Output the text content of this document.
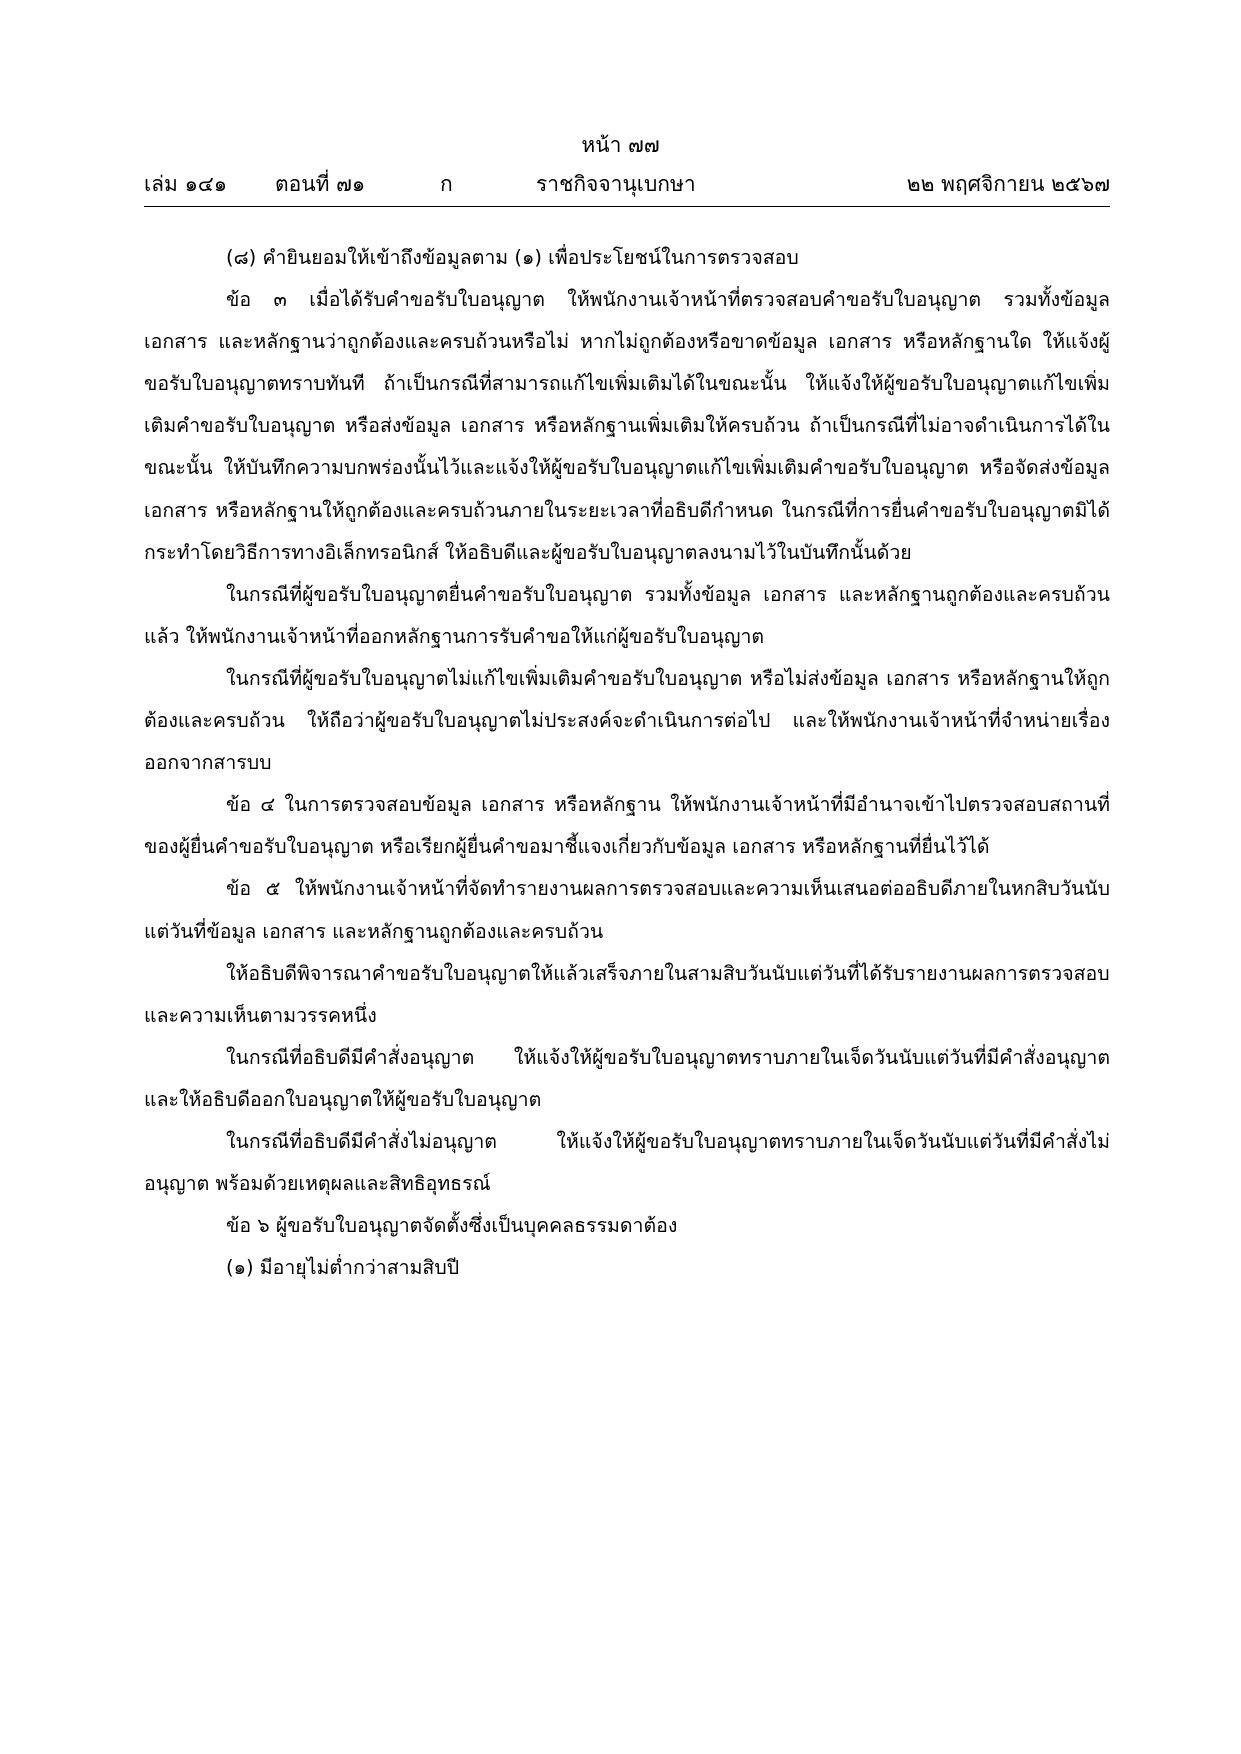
หน้า ๗๗
เล่ม ๑๔๑ ตอนที่ ๗๑	ก	ราชกิจจานุเบกษา	๒๒ พฤศจิกายน ๒๕๖๗

(๘) คำยินยอมให้เข้าถึงข้อมูลตาม (๑) เพื่อประโยชน์ในการตรวจสอบ

ข้อ ๓ เมื่อได้รับคำขอรับใบอนุญาต ให้พนักงานเจ้าหน้าที่ตรวจสอบคำขอรับใบอนุญาต รวมทั้งข้อมูล เอกสาร และหลักฐานว่าถูกต้องและครบถ้วนหรือไม่ หากไม่ถูกต้องหรือขาดข้อมูล เอกสาร หรือหลักฐานใด ให้แจ้งผู้ขอรับใบอนุญาตทราบทันที ถ้าเป็นกรณีที่สามารถแก้ไขเพิ่มเติมได้ในขณะนั้น ให้แจ้งให้ผู้ขอรับใบอนุญาตแก้ไขเพิ่มเติมคำขอรับใบอนุญาต หรือส่งข้อมูล เอกสาร หรือหลักฐานเพิ่มเติมให้ครบถ้วน ถ้าเป็นกรณีที่ไม่อาจดำเนินการได้ในขณะนั้น ให้บันทึกความบกพร่องนั้นไว้และแจ้งให้ผู้ขอรับใบอนุญาตแก้ไขเพิ่มเติมคำขอรับใบอนุญาต หรือจัดส่งข้อมูล เอกสาร หรือหลักฐานให้ถูกต้องและครบถ้วนภายในระยะเวลาที่อธิบดีกำหนด ในกรณีที่การยื่นคำขอรับใบอนุญาตมิได้กระทำโดยวิธีการทางอิเล็กทรอนิกส์ ให้อธิบดีและผู้ขอรับใบอนุญาตลงนามไว้ในบันทึกนั้นด้วย

ในกรณีที่ผู้ขอรับใบอนุญาตยื่นคำขอรับใบอนุญาต รวมทั้งข้อมูล เอกสาร และหลักฐานถูกต้องและครบถ้วนแล้ว ให้พนักงานเจ้าหน้าที่ออกหลักฐานการรับคำขอให้แก่ผู้ขอรับใบอนุญาต

ในกรณีที่ผู้ขอรับใบอนุญาตไม่แก้ไขเพิ่มเติมคำขอรับใบอนุญาต หรือไม่ส่งข้อมูล เอกสาร หรือหลักฐานให้ถูกต้องและครบถ้วน ให้ถือว่าผู้ขอรับใบอนุญาตไม่ประสงค์จะดำเนินการต่อไป และให้พนักงานเจ้าหน้าที่จำหน่ายเรื่องออกจากสารบบ

ข้อ ๔ ในการตรวจสอบข้อมูล เอกสาร หรือหลักฐาน ให้พนักงานเจ้าหน้าที่มีอำนาจเข้าไปตรวจสอบสถานที่ของผู้ยื่นคำขอรับใบอนุญาต หรือเรียกผู้ยื่นคำขอมาชี้แจงเกี่ยวกับข้อมูล เอกสาร หรือหลักฐานที่ยื่นไว้ได้

ข้อ ๕ ให้พนักงานเจ้าหน้าที่จัดทำรายงานผลการตรวจสอบและความเห็นเสนอต่ออธิบดีภายในหกสิบวันนับแต่วันที่ข้อมูล เอกสาร และหลักฐานถูกต้องและครบถ้วน

ให้อธิบดีพิจารณาคำขอรับใบอนุญาตให้แล้วเสร็จภายในสามสิบวันนับแต่วันที่ได้รับรายงานผลการตรวจสอบและความเห็นตามวรรคหนึ่ง

ในกรณีที่อธิบดีมีคำสั่งอนุญาต ให้แจ้งให้ผู้ขอรับใบอนุญาตทราบภายในเจ็ดวันนับแต่วันที่มีคำสั่งอนุญาต และให้อธิบดีออกใบอนุญาตให้ผู้ขอรับใบอนุญาต

ในกรณีที่อธิบดีมีคำสั่งไม่อนุญาต ให้แจ้งให้ผู้ขอรับใบอนุญาตทราบภายในเจ็ดวันนับแต่วันที่มีคำสั่งไม่อนุญาต พร้อมด้วยเหตุผลและสิทธิอุทธรณ์

ข้อ ๖ ผู้ขอรับใบอนุญาตจัดตั้งซึ่งเป็นบุคคลธรรมดาต้อง

(๑) มีอายุไม่ต่ำกว่าสามสิบปี
